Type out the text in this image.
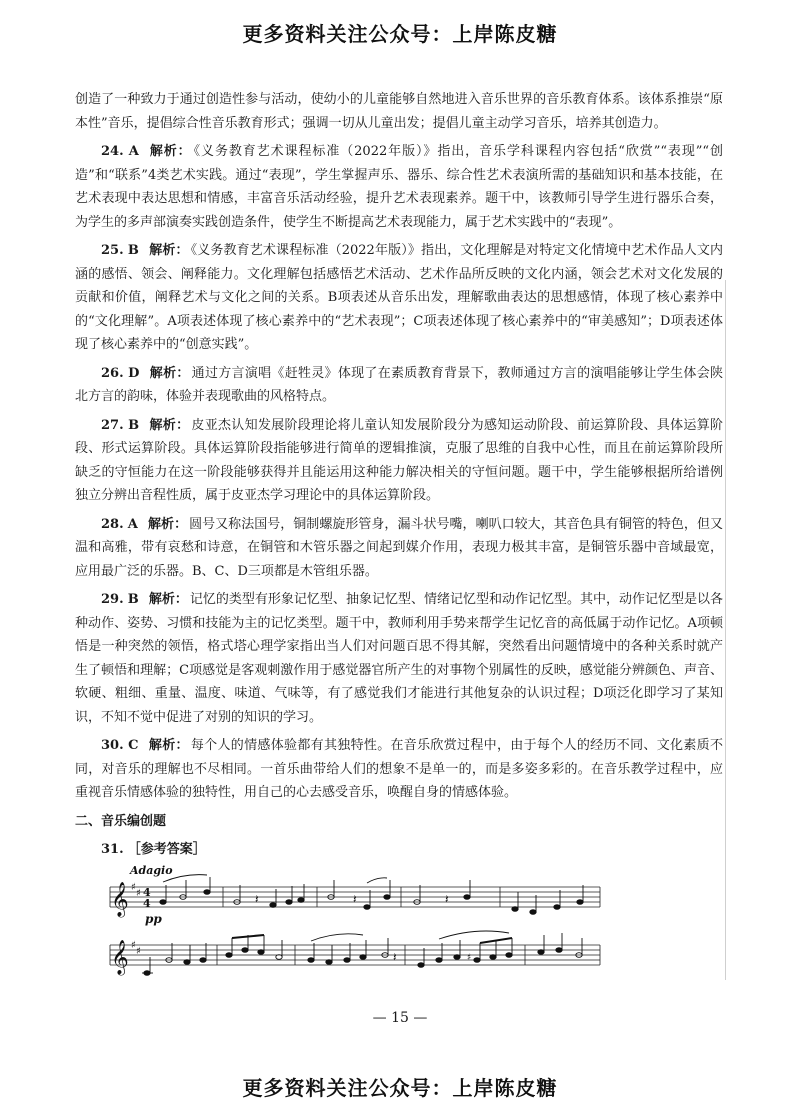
更多资料关注公众号：上岸陈皮糖

创造了一种致力于通过创造性参与活动，使幼小的儿童能够自然地进入音乐世界的音乐教育体系。该体系推崇“原本性”音乐，提倡综合性音乐教育形式；强调一切从儿童出发；提倡儿童主动学习音乐，培养其创造力。

24. A 解析： 《义务教育艺术课程标准（2022年版）》指出，音乐学科课程内容包括“欣赏”“表现”“创造”和“联系”4类艺术实践。通过“表现”，学生掌握声乐、器乐、综合性艺术表演所需的基础知识和基本技能，在艺术表现中表达思想和情感，丰富音乐活动经验，提升艺术表现素养。题干中，该教师引导学生进行器乐合奏，为学生的多声部演奏实践创造条件，使学生不断提高艺术表现能力，属于艺术实践中的“表现”。

25. B 解析： 《义务教育艺术课程标准（2022年版）》指出，文化理解是对特定文化情境中艺术作品人文内涵的感悟、领会、阐释能力。文化理解包括感悟艺术活动、艺术作品所反映的文化内涵，领会艺术对文化发展的贡献和价值，阐释艺术与文化之间的关系。B项表述从音乐出发，理解歌曲表达的思想感情，体现了核心素养中的“文化理解”。A项表述体现了核心素养中的“艺术表现”；C项表述体现了核心素养中的“审美感知”；D项表述体现了核心素养中的“创意实践”。

26. D 解析： 通过方言演唱《赶牲灵》体现了在素质教育背景下，教师通过方言的演唱能够让学生体会陕北方言的韵味，体验并表现歌曲的风格特点。

27. B 解析： 皮亚杰认知发展阶段理论将儿童认知发展阶段分为感知运动阶段、前运算阶段、具体运算阶段、形式运算阶段。具体运算阶段指能够进行简单的逻辑推演，克服了思维的自我中心性，而且在前运算阶段所缺乏的守恒能力在这一阶段能够获得并且能运用这种能力解决相关的守恒问题。题干中，学生能够根据所给谱例独立分辨出音程性质，属于皮亚杰学习理论中的具体运算阶段。

28. A 解析： 圆号又称法国号，铜制螺旋形管身，漏斗状号嘴，喇叭口较大，其音色具有铜管的特色，但又温和高雅，带有哀愁和诗意，在铜管和木管乐器之间起到媒介作用，表现力极其丰富，是铜管乐器中音域最宽，应用最广泛的乐器。B、C、D三项都是木管组乐器。

29. B 解析： 记忆的类型有形象记忆型、抽象记忆型、情绪记忆型和动作记忆型。其中，动作记忆型是以各种动作、姿势、习惯和技能为主的记忆类型。题干中，教师利用手势来帮学生记忆音的高低属于动作记忆。A项顿悟是一种突然的领悟，格式塔心理学家指出当人们对问题百思不得其解，突然看出问题情境中的各种关系时就产生了顿悟和理解；C项感觉是客观刺激作用于感觉器官所产生的对事物个别属性的反映，感觉能分辨颜色、声音、软硬、粗细、重量、温度、味道、气味等，有了感觉我们才能进行其他复杂的认识过程；D项泛化即学习了某知识，不知不觉中促进了对别的知识的学习。

30. C 解析： 每个人的情感体验都有其独特性。在音乐欣赏过程中，由于每个人的经历不同、文化素质不同，对音乐的理解也不尽相同。一首乐曲带给人们的想象不是单一的，而是多姿多彩的。在音乐教学过程中，应重视音乐情感体验的独特性，用自己的心去感受音乐，唤醒自身的情感体验。

二、音乐编创题

31. ［参考答案］

Adagio
𝄞 ♯
♯ 4
4	𝄽	𝄽	𝄽
pp
𝄞 ♯
♯	𝄽	♯
— 15 —
更多资料关注公众号：上岸陈皮糖
